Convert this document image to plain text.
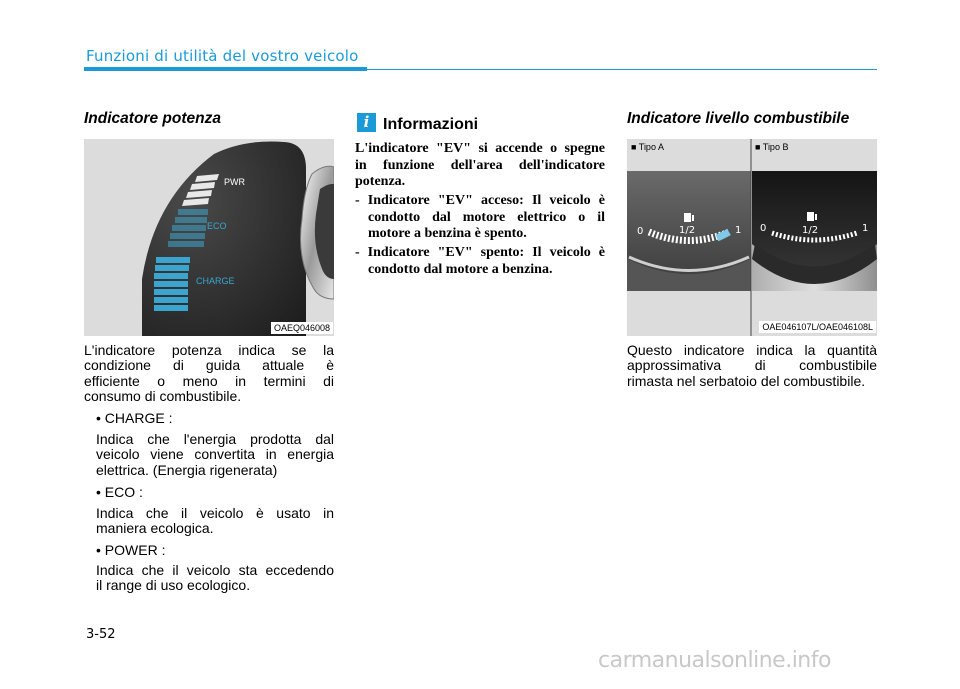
Funzioni di utilità del vostro veicolo
Indicatore potenza
PWR
ECO
CHARGE
OAEQ046008
L'indicatore potenza indica se la
condizione di guida attuale è
efficiente o meno in termini di
consumo di combustibile.
• CHARGE :
Indica che l'energia prodotta dal
veicolo viene convertita in energia
elettrica. (Energia rigenerata)
• ECO :
Indica che il veicolo è usato in
maniera ecologica.
• POWER :
Indica che il veicolo sta eccedendo
il range di uso ecologico.
i Informazioni
L'indicatore "EV" si accende o spegne
in funzione dell'area dell'indicatore
potenza.
- Indicatore "EV" acceso: Il veicolo è
condotto dal motore elettrico o il
motore a benzina è spento.
- Indicatore "EV" spento: Il veicolo è
condotto dal motore a benzina.
Indicatore livello combustibile
0	1/2	1 0	1/2	1
■ Tipo A	■ Tipo B
OAE046107L/OAE046108L
Questo indicatore indica la quantità
approssimativa di combustibile
rimasta nel serbatoio del combustibile.
3-52
carmanualsonline.info
